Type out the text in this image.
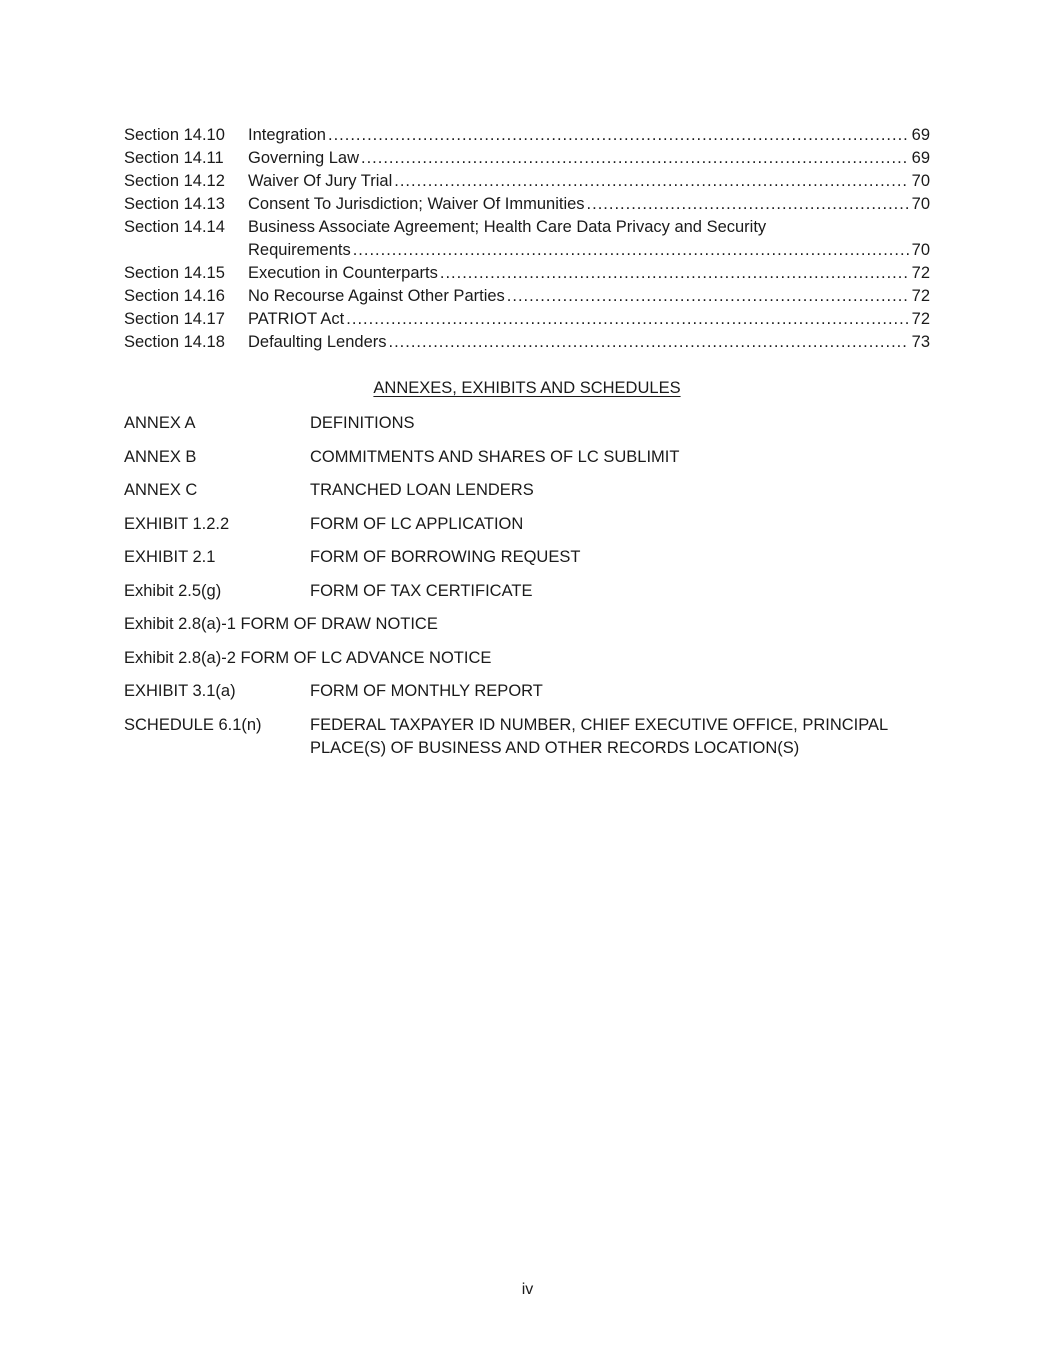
Section 14.10	Integration .....	69
Section 14.11	Governing Law .....	69
Section 14.12	Waiver Of Jury Trial .....	70
Section 14.13	Consent To Jurisdiction; Waiver Of Immunities .....	70
Section 14.14	Business Associate Agreement; Health Care Data Privacy and Security
Requirements .....	70
Section 14.15	Execution in Counterparts .....	72
Section 14.16	No Recourse Against Other Parties .....	72
Section 14.17	PATRIOT Act .....	72
Section 14.18	Defaulting Lenders .....	73
ANNEXES, EXHIBITS AND SCHEDULES
ANNEX A	DEFINITIONS
ANNEX B	COMMITMENTS AND SHARES OF LC SUBLIMIT
ANNEX C	TRANCHED LOAN LENDERS
EXHIBIT 1.2.2	FORM OF LC APPLICATION
EXHIBIT 2.1	FORM OF BORROWING REQUEST
Exhibit 2.5(g)	FORM OF TAX CERTIFICATE
Exhibit 2.8(a)-1 FORM OF DRAW NOTICE
Exhibit 2.8(a)-2 FORM OF LC ADVANCE NOTICE
EXHIBIT 3.1(a)	FORM OF MONTHLY REPORT
SCHEDULE 6.1(n)	FEDERAL TAXPAYER ID NUMBER, CHIEF EXECUTIVE OFFICE, PRINCIPAL PLACE(S) OF BUSINESS AND OTHER RECORDS LOCATION(S)
iv
